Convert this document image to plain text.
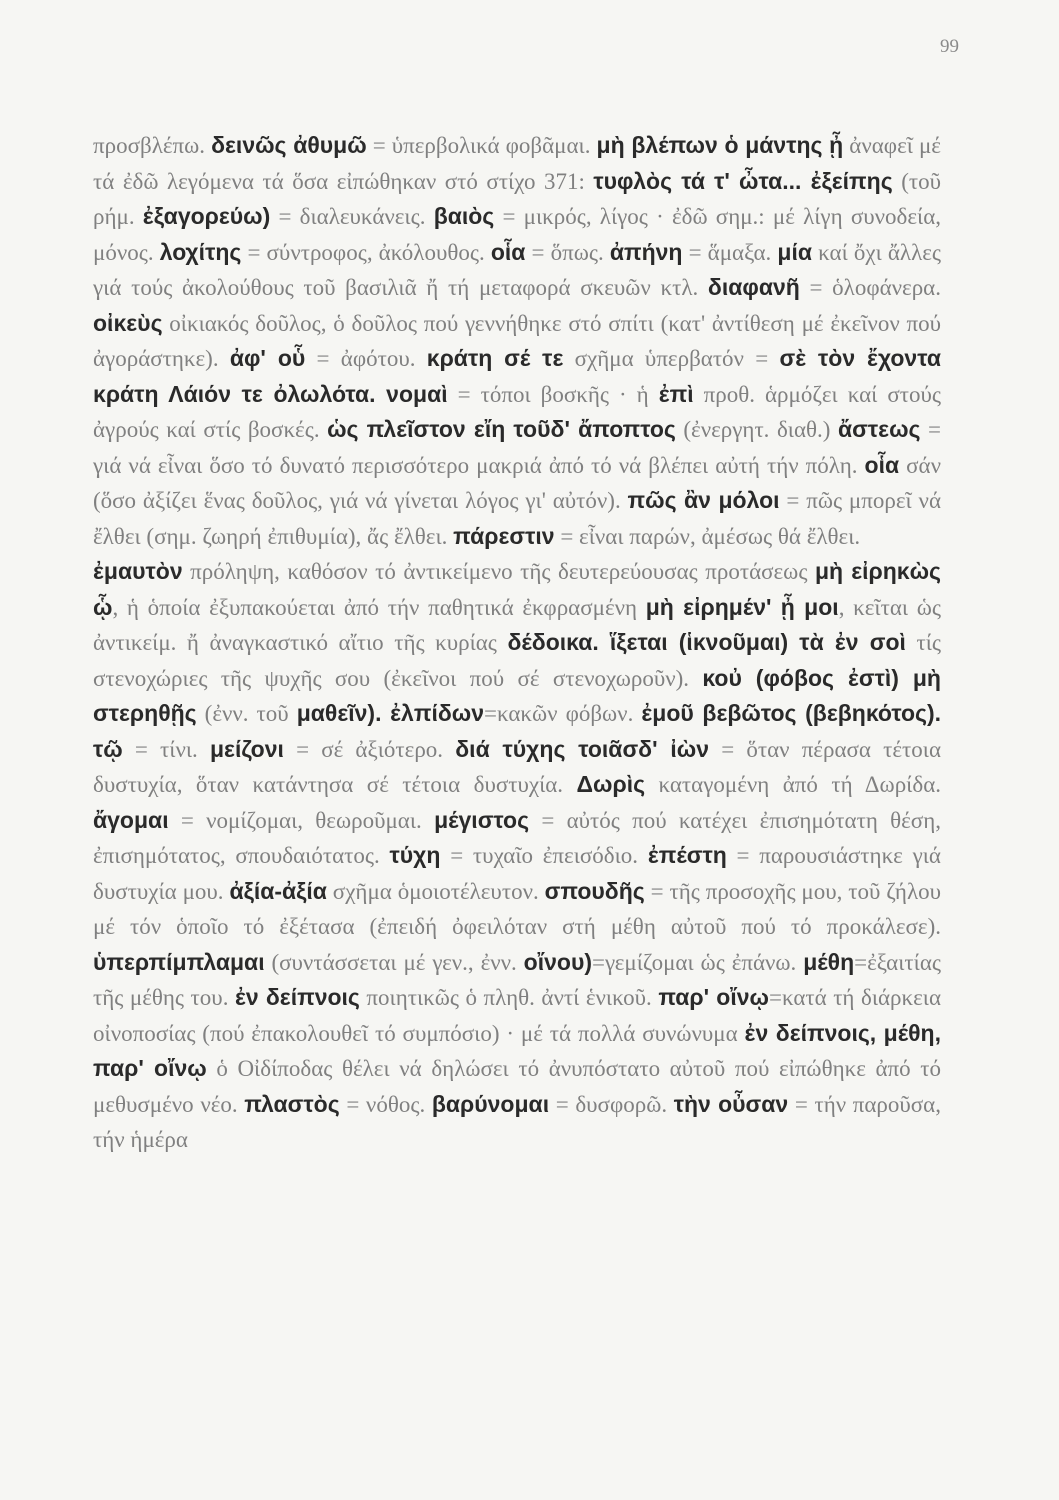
99

προσβλέπω. δεινῶς ἀθυμῶ = ὑπερβολικά φοβᾶμαι. μὴ βλέπων ὁ μάντης ᾖ ἀναφεῖ μέ τά ἐδῶ λεγόμενα τά ὅσα εἰπώθηκαν στό στίχο 371: τυφλὸς τά τ' ὦτα... ἐξείπης (τοῦ ρήμ. ἐξαγορεύω) = διαλευκάνεις. βαιὸς = μικρός, λίγος · ἐδῶ σημ.: μέ λίγη συνοδεία, μόνος. λοχίτης = σύντροφος, ἀκόλουθος. οἷα = ὅπως. ἀπήνη = ἅμαξα. μία καί ὄχι ἄλλες γιά τούς ἀκολούθους τοῦ βασιλιᾶ ἤ τή μεταφορά σκευῶν κτλ. διαφανῆ = ὁλοφάνερα. οἰκεὺς οἰκιακός δοῦλος, ὁ δοῦλος πού γεννήθηκε στό σπίτι (κατ' ἀντίθεση μέ ἐκεῖνον πού ἀγοράστηκε). ἀφ' οὗ = ἀφότου. κράτη σέ τε σχῆμα ὑπερβατόν = σὲ τὸν ἔχοντα κράτη Λάιόν τε ὀλωλότα. νομαὶ = τόποι βοσκῆς · ἡ ἐπὶ προθ. ἁρμόζει καί στούς ἀγρούς καί στίς βοσκές. ὡς πλεῖστον εἴη τοῦδ' ἄποπτος (ἐνεργητ. διαθ.) ἄστεως = γιά νά εἶναι ὅσο τό δυνατό περισσότερο μακριά ἀπό τό νά βλέπει αὐτή τήν πόλη. οἷα σάν (ὅσο ἀξίζει ἕνας δοῦλος, γιά νά γίνεται λόγος γι' αὐτόν). πῶς ἂν μόλοι = πῶς μπορεῖ νά ἔλθει (σημ. ζωηρή ἐπιθυμία), ἄς ἔλθει. πάρεστιν = εἶναι παρών, ἀμέσως θά ἔλθει.

ἐμαυτὸν πρόληψη, καθόσον τό ἀντικείμενο τῆς δευτερεύουσας προτάσεως μὴ εἰρηκὼς ᾧ, ἡ ὁποία ἐξυπακούεται ἀπό τήν παθητικά ἐκφρασμένη μὴ εἰρημέν' ᾖ μοι, κεῖται ὡς ἀντικείμ. ἤ ἀναγκαστικό αἴτιο τῆς κυρίας δέδοικα. ἵξεται (ἱκνοῦμαι) τὰ ἐν σοὶ τίς στενοχώριες τῆς ψυχῆς σου (ἐκεῖνοι πού σέ στενοχωροῦν). κοὐ (φόβος ἐστὶ) μὴ στερηθῇς (ἐνν. τοῦ μαθεῖν). ἐλπίδων=κακῶν φόβων. ἐμοῦ βεβῶτος (βεβηκότος). τῷ = τίνι. μείζονι = σέ ἀξιότερο. διά τύχης τοιᾶσδ' ἰὼν = ὅταν πέρασα τέτοια δυστυχία, ὅταν κατάντησα σέ τέτοια δυστυχία. Δωρὶς καταγομένη ἀπό τή Δωρίδα. ἄγομαι = νομίζομαι, θεωροῦμαι. μέγιστος = αὐτός πού κατέχει ἐπισημότατη θέση, ἐπισημότατος, σπουδαιότατος. τύχη = τυχαῖο ἐπεισόδιο. ἐπέστη = παρουσιάστηκε γιά δυστυχία μου. ἀξία-ἀξία σχῆμα ὁμοιοτέλευτον. σπουδῆς = τῆς προσοχῆς μου, τοῦ ζήλου μέ τόν ὁποῖο τό ἐξέτασα (ἐπειδή ὀφειλόταν στή μέθη αὐτοῦ πού τό προκάλεσε). ὑπερπίμπλαμαι (συντάσσεται μέ γεν., ἐνν. οἴνου)=γεμίζομαι ὡς ἐπάνω. μέθη=ἐξαιτίας τῆς μέθης του. ἐν δείπνοις ποιητικῶς ὁ πληθ. ἀντί ἑνικοῦ. παρ' οἴνῳ=κατά τή διάρκεια οἰνοποσίας (πού ἐπακολουθεῖ τό συμπόσιο) · μέ τά πολλά συνώνυμα ἐν δείπνοις, μέθη, παρ' οἴνῳ ὁ Οἰδίποδας θέλει νά δηλώσει τό ἀνυπόστατο αὐτοῦ πού εἰπώθηκε ἀπό τό μεθυσμένο νέο. πλαστὸς = νόθος. βαρύνομαι = δυσφορῶ. τὴν οὖσαν = τήν παροῦσα, τήν ἡμέρα
